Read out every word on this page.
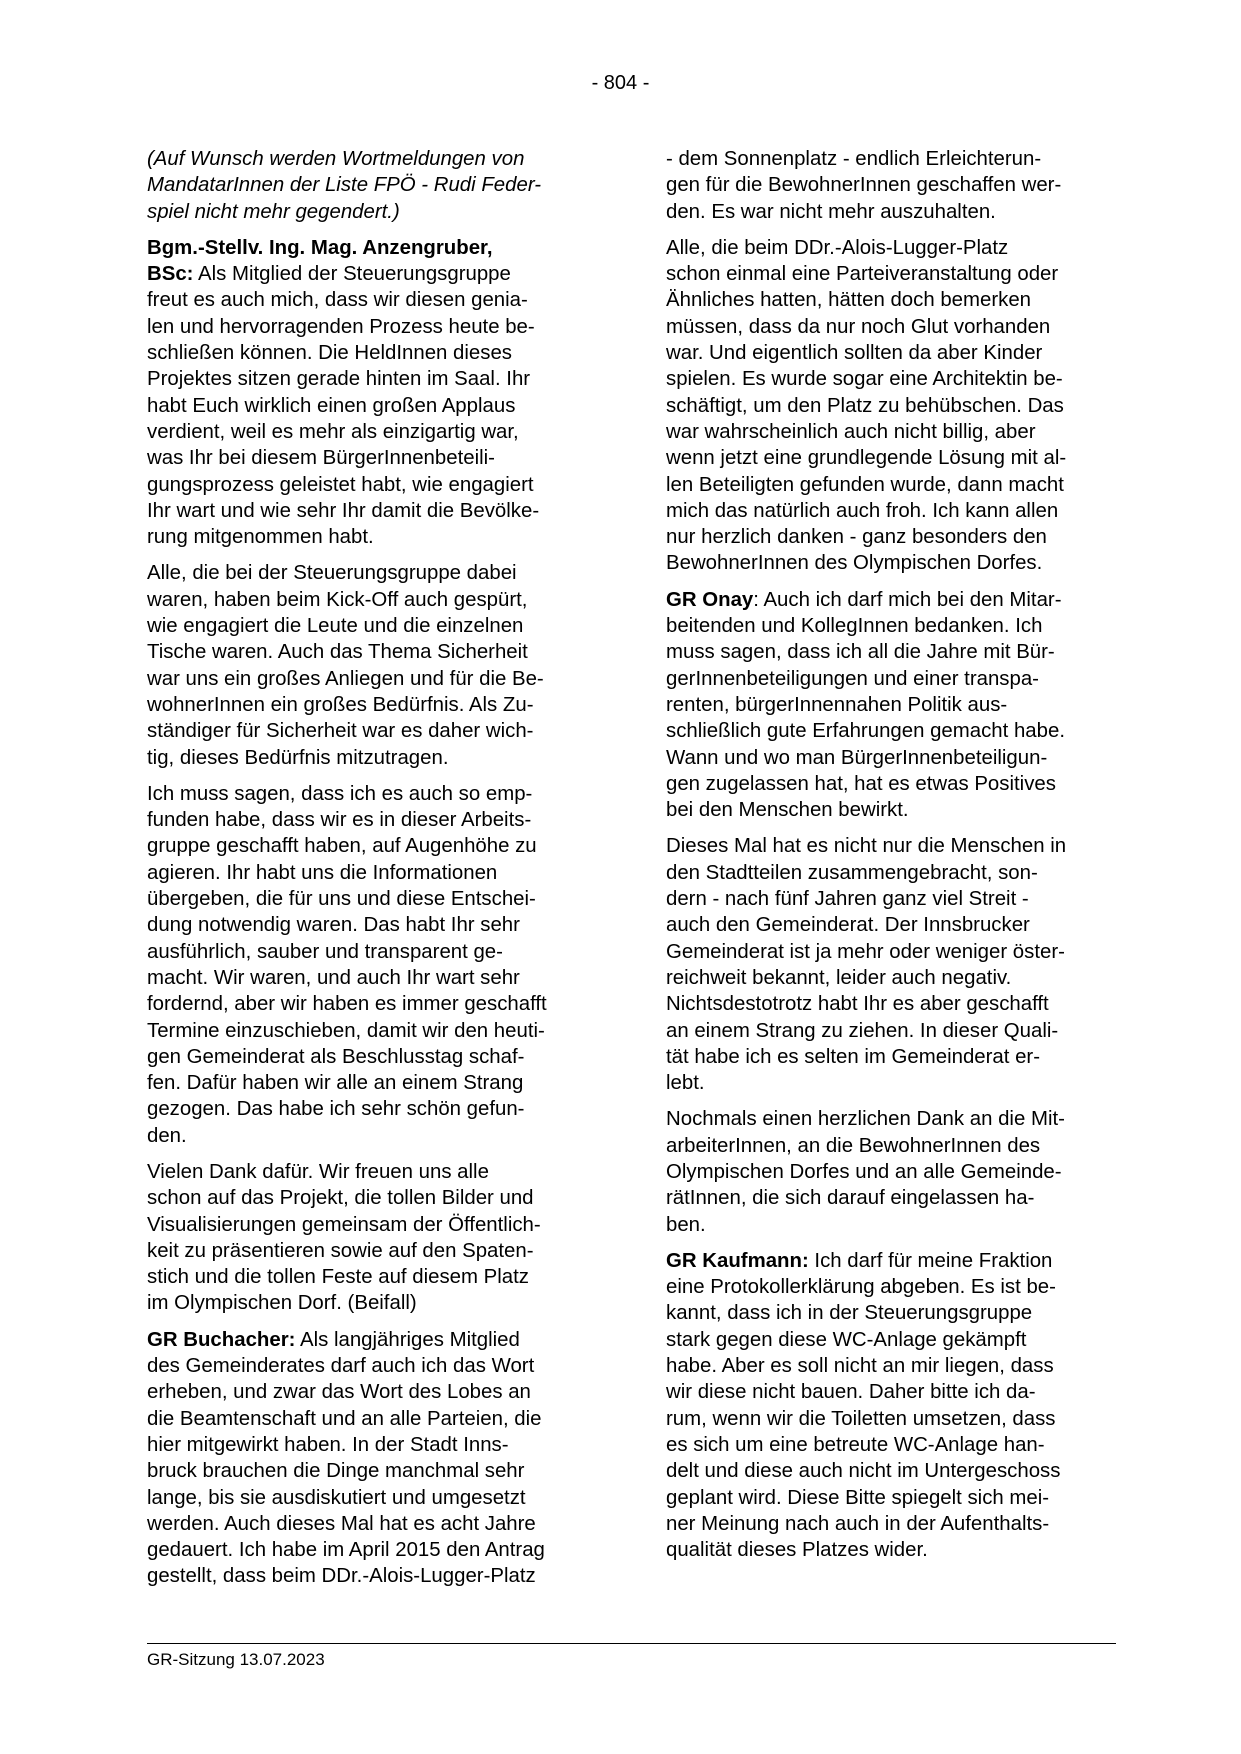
- 804 -

(Auf Wunsch werden Wortmeldungen von
MandatarInnen der Liste FPÖ - Rudi Feder-
spiel nicht mehr gegendert.)

Bgm.-Stellv. Ing. Mag. Anzengruber,
BSc: Als Mitglied der Steuerungsgruppe
freut es auch mich, dass wir diesen genia-
len und hervorragenden Prozess heute be-
schließen können. Die HeldInnen dieses
Projektes sitzen gerade hinten im Saal. Ihr
habt Euch wirklich einen großen Applaus
verdient, weil es mehr als einzigartig war,
was Ihr bei diesem BürgerInnenbeteili-
gungsprozess geleistet habt, wie engagiert
Ihr wart und wie sehr Ihr damit die Bevölke-
rung mitgenommen habt.

Alle, die bei der Steuerungsgruppe dabei
waren, haben beim Kick-Off auch gespürt,
wie engagiert die Leute und die einzelnen
Tische waren. Auch das Thema Sicherheit
war uns ein großes Anliegen und für die Be-
wohnerInnen ein großes Bedürfnis. Als Zu-
ständiger für Sicherheit war es daher wich-
tig, dieses Bedürfnis mitzutragen.

Ich muss sagen, dass ich es auch so emp-
funden habe, dass wir es in dieser Arbeits-
gruppe geschafft haben, auf Augenhöhe zu
agieren. Ihr habt uns die Informationen
übergeben, die für uns und diese Entschei-
dung notwendig waren. Das habt Ihr sehr
ausführlich, sauber und transparent ge-
macht. Wir waren, und auch Ihr wart sehr
fordernd, aber wir haben es immer geschafft
Termine einzuschieben, damit wir den heuti-
gen Gemeinderat als Beschlusstag schaf-
fen. Dafür haben wir alle an einem Strang
gezogen. Das habe ich sehr schön gefun-
den.

Vielen Dank dafür. Wir freuen uns alle
schon auf das Projekt, die tollen Bilder und
Visualisierungen gemeinsam der Öffentlich-
keit zu präsentieren sowie auf den Spaten-
stich und die tollen Feste auf diesem Platz
im Olympischen Dorf. (Beifall)

GR Buchacher: Als langjähriges Mitglied
des Gemeinderates darf auch ich das Wort
erheben, und zwar das Wort des Lobes an
die Beamtenschaft und an alle Parteien, die
hier mitgewirkt haben. In der Stadt Inns-
bruck brauchen die Dinge manchmal sehr
lange, bis sie ausdiskutiert und umgesetzt
werden. Auch dieses Mal hat es acht Jahre
gedauert. Ich habe im April 2015 den Antrag
gestellt, dass beim DDr.-Alois-Lugger-Platz

- dem Sonnenplatz - endlich Erleichterun-
gen für die BewohnerInnen geschaffen wer-
den. Es war nicht mehr auszuhalten.

Alle, die beim DDr.-Alois-Lugger-Platz
schon einmal eine Parteiveranstaltung oder
Ähnliches hatten, hätten doch bemerken
müssen, dass da nur noch Glut vorhanden
war. Und eigentlich sollten da aber Kinder
spielen. Es wurde sogar eine Architektin be-
schäftigt, um den Platz zu behübschen. Das
war wahrscheinlich auch nicht billig, aber
wenn jetzt eine grundlegende Lösung mit al-
len Beteiligten gefunden wurde, dann macht
mich das natürlich auch froh. Ich kann allen
nur herzlich danken - ganz besonders den
BewohnerInnen des Olympischen Dorfes.

GR Onay: Auch ich darf mich bei den Mitar-
beitenden und KollegInnen bedanken. Ich
muss sagen, dass ich all die Jahre mit Bür-
gerInnenbeteiligungen und einer transpa-
renten, bürgerInnennahen Politik aus-
schließlich gute Erfahrungen gemacht habe.
Wann und wo man BürgerInnenbeteiligun-
gen zugelassen hat, hat es etwas Positives
bei den Menschen bewirkt.

Dieses Mal hat es nicht nur die Menschen in
den Stadtteilen zusammengebracht, son-
dern - nach fünf Jahren ganz viel Streit -
auch den Gemeinderat. Der Innsbrucker
Gemeinderat ist ja mehr oder weniger öster-
reichweit bekannt, leider auch negativ.
Nichtsdestotrotz habt Ihr es aber geschafft
an einem Strang zu ziehen. In dieser Quali-
tät habe ich es selten im Gemeinderat er-
lebt.

Nochmals einen herzlichen Dank an die Mit-
arbeiterInnen, an die BewohnerInnen des
Olympischen Dorfes und an alle Gemeinde-
rätInnen, die sich darauf eingelassen ha-
ben.

GR Kaufmann: Ich darf für meine Fraktion
eine Protokollerklärung abgeben. Es ist be-
kannt, dass ich in der Steuerungsgruppe
stark gegen diese WC-Anlage gekämpft
habe. Aber es soll nicht an mir liegen, dass
wir diese nicht bauen. Daher bitte ich da-
rum, wenn wir die Toiletten umsetzen, dass
es sich um eine betreute WC-Anlage han-
delt und diese auch nicht im Untergeschoss
geplant wird. Diese Bitte spiegelt sich mei-
ner Meinung nach auch in der Aufenthalts-
qualität dieses Platzes wider.

GR-Sitzung 13.07.2023
